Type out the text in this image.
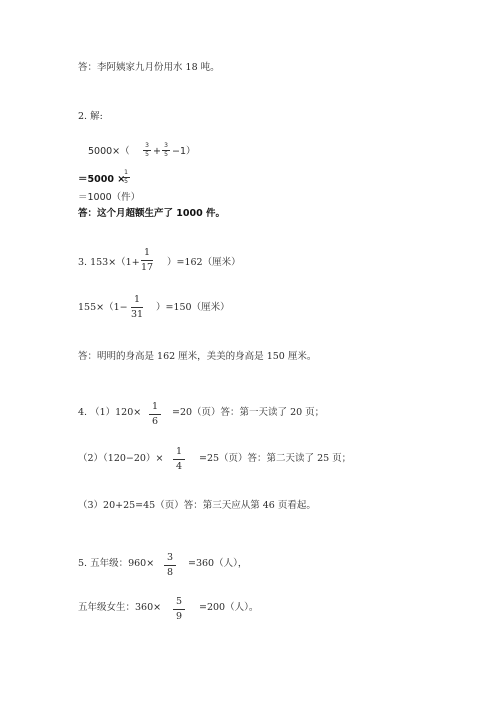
答：李阿姨家九月份用水 18 吨。
2. 解:
5000×（
3
5 +
3
5 −1）
＝5000 ×
1
5
＝1000（件）
答：这个月超额生产了 1000 件。
3. 153×（1+
1
17	）=162（厘米）
155×（1−
1
31
）=150（厘米）
答：明明的身高是 162 厘米，美美的身高是 150 厘米。
4. （1）120×
1
6
=20（页）答：第一天读了 20 页；
（2）（120−20）×
1
4
=25（页）答：第二天读了 25 页；
（3）20+25=45（页）答：第三天应从第 46 页看起。
5. 五年级：960×
3
8
=360（人），
五年级女生：360×
5
9
=200（人）。
